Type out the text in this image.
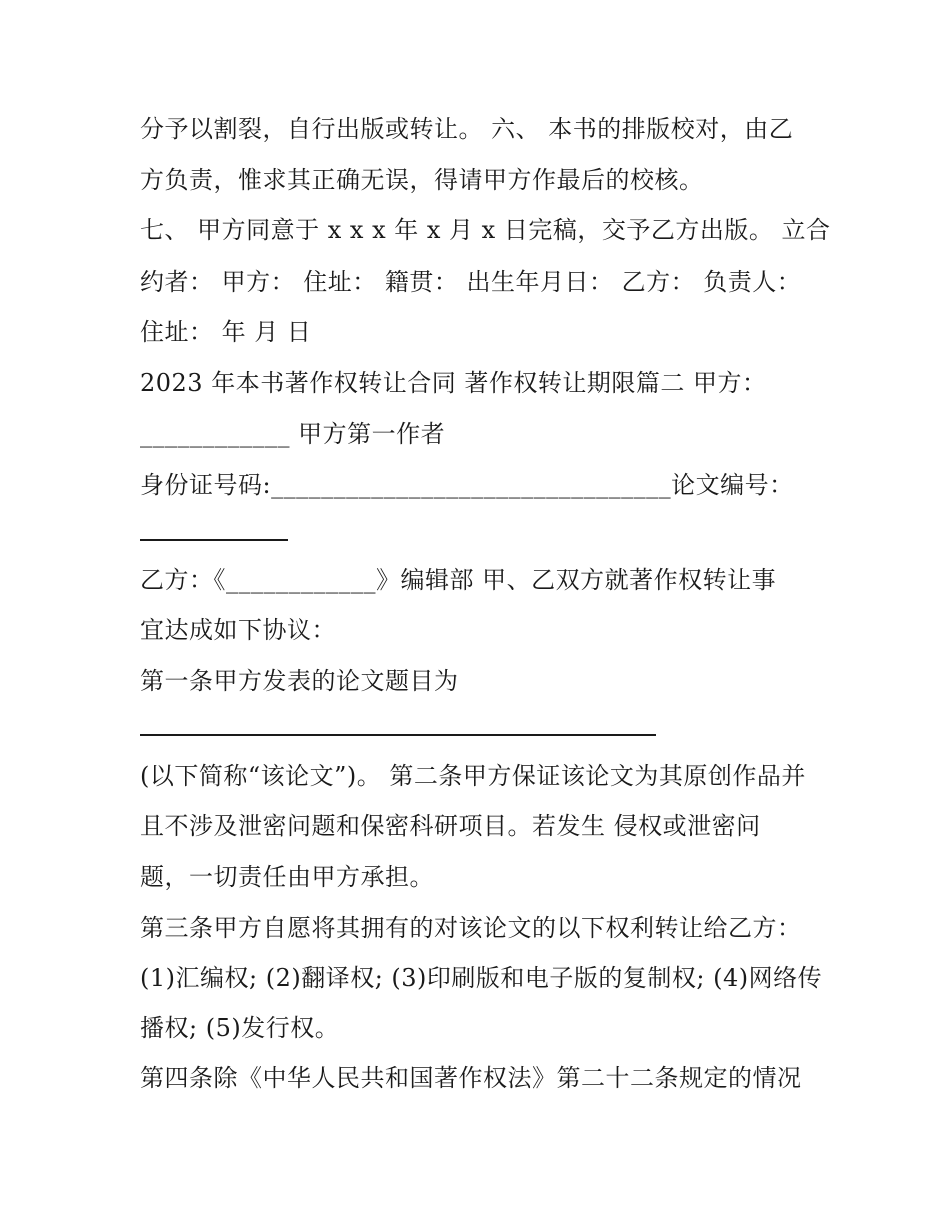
分予以割裂，自行出版或转让。 六、 本书的排版校对，由乙
方负责，惟求其正确无误，得请甲方作最后的校核。
七、 甲方同意于 x x x 年 x 月 x 日完稿，交予乙方出版。 立合
约者： 甲方： 住址： 籍贯： 出生年月日： 乙方： 负责人：
住址： 年 月 日
2023 年本书著作权转让合同 著作权转让期限篇二 甲方：
____________ 甲方第一作者
身份证号码:________________________________论文编号：
乙方：《____________》编辑部 甲、乙双方就著作权转让事
宜达成如下协议：
第一条甲方发表的论文题目为
(以下简称“该论文”)。 第二条甲方保证该论文为其原创作品并
且不涉及泄密问题和保密科研项目。若发生 侵权或泄密问
题，一切责任由甲方承担。
第三条甲方自愿将其拥有的对该论文的以下权利转让给乙方：
(1)汇编权; (2)翻译权; (3)印刷版和电子版的复制权; (4)网络传
播权; (5)发行权。
第四条除《中华人民共和国著作权法》第二十二条规定的情况
